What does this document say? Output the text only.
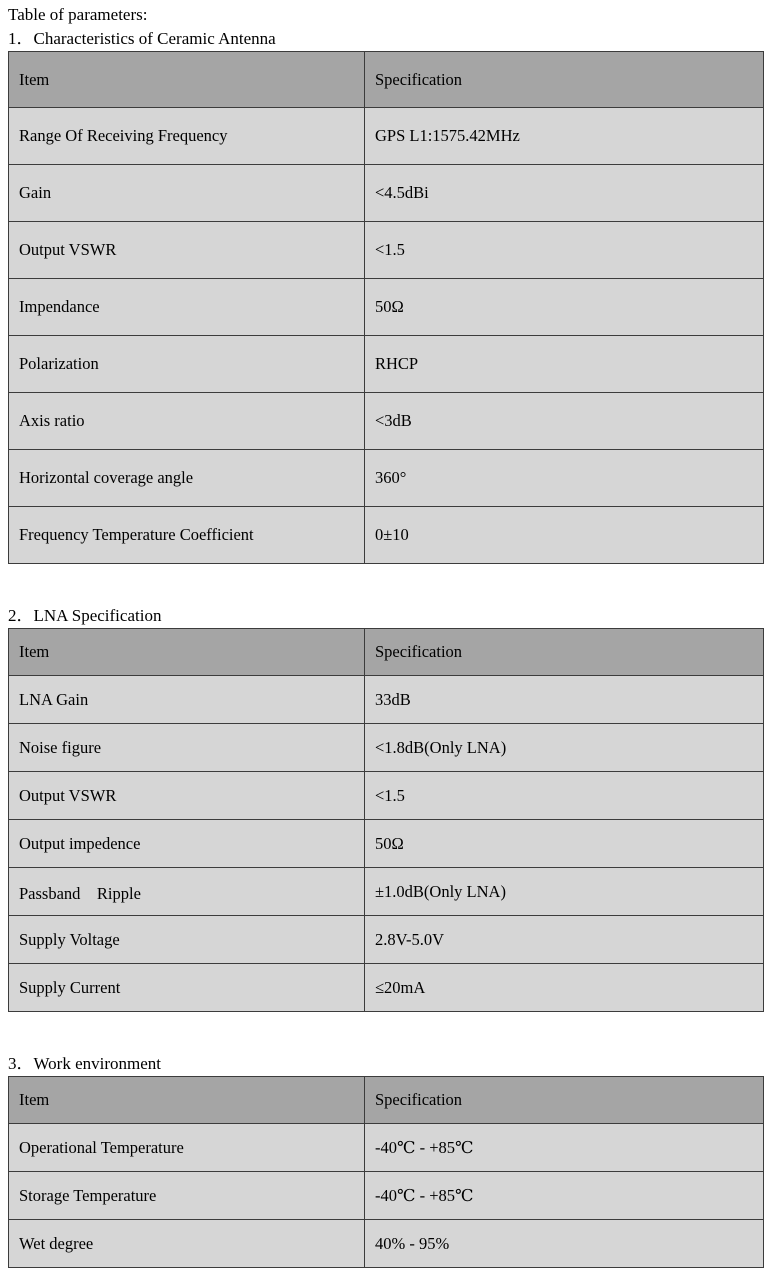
Table of parameters:
1．Characteristics of Ceramic Antenna
Item	Specification
Range Of Receiving Frequency	GPS L1:1575.42MHz
Gain	<4.5dBi
Output VSWR	<1.5
Impendance	50Ω
Polarization	RHCP
Axis ratio	<3dB
Horizontal coverage angle	360°
Frequency Temperature Coefficient	0±10
2．LNA Specification
Item	Specification
LNA Gain	33dB
Noise figure	<1.8dB(Only LNA)
Output VSWR	<1.5
Output impedence	50Ω
Passband　Ripple	±1.0dB(Only LNA)
Supply Voltage	2.8V-5.0V
Supply Current	≤20mA
3．Work environment
Item	Specification
Operational Temperature	-40℃ - +85℃
Storage Temperature	-40℃ - +85℃
Wet degree	40% - 95%
